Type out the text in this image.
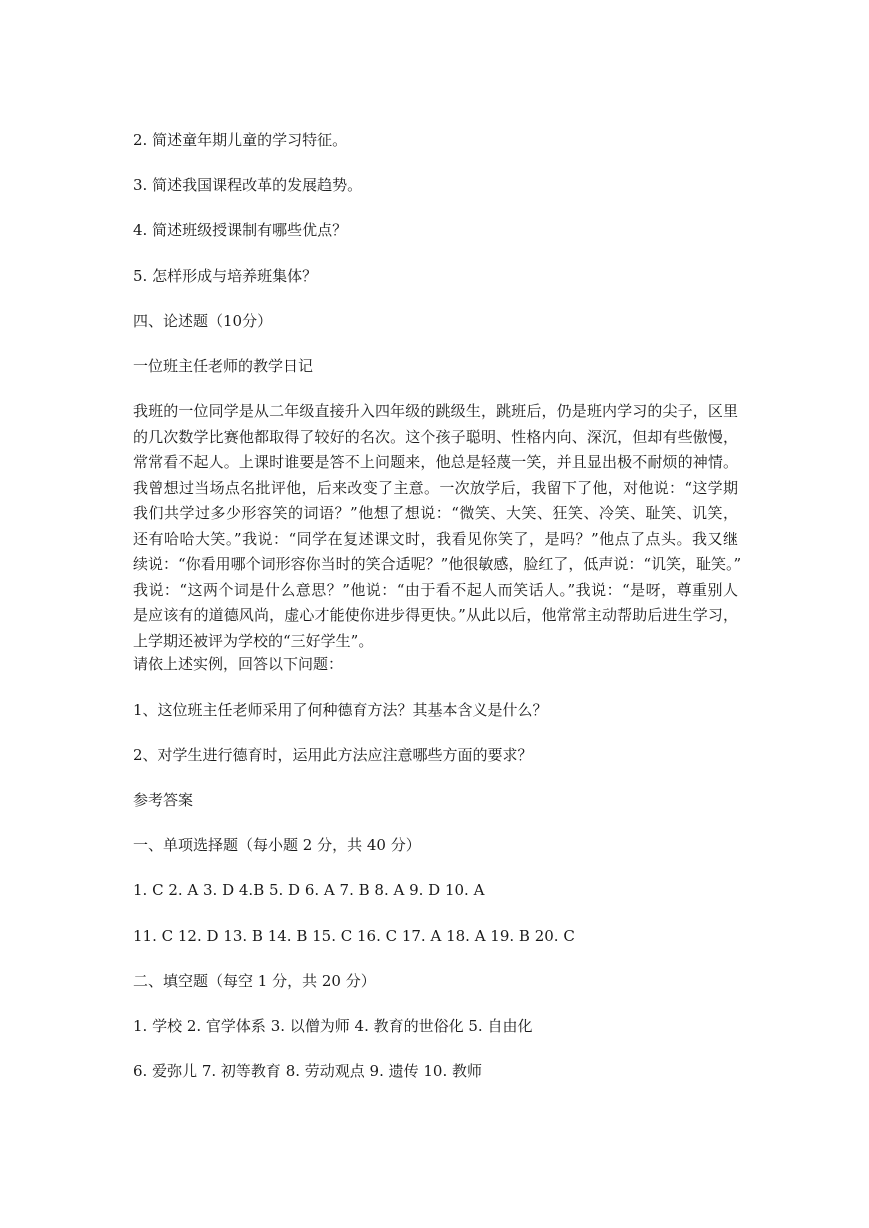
2. 简述童年期儿童的学习特征。
3. 简述我国课程改革的发展趋势。
4. 简述班级授课制有哪些优点？
5. 怎样形成与培养班集体？
四、论述题（10分）
一位班主任老师的教学日记
我班的一位同学是从二年级直接升入四年级的跳级生，跳班后，仍是班内学习的尖子，区里
的几次数学比赛他都取得了较好的名次。这个孩子聪明、性格内向、深沉，但却有些傲慢，
常常看不起人。上课时谁要是答不上问题来，他总是轻蔑一笑，并且显出极不耐烦的神情。
我曾想过当场点名批评他，后来改变了主意。一次放学后，我留下了他，对他说：“这学期
我们共学过多少形容笑的词语？”他想了想说：“微笑、大笑、狂笑、冷笑、耻笑、讥笑，
还有哈哈大笑。”我说：“同学在复述课文时，我看见你笑了，是吗？”他点了点头。我又继
续说：“你看用哪个词形容你当时的笑合适呢？”他很敏感，脸红了，低声说：“讥笑，耻笑。”
我说：“这两个词是什么意思？”他说：“由于看不起人而笑话人。”我说：“是呀，尊重别人
是应该有的道德风尚，虚心才能使你进步得更快。”从此以后，他常常主动帮助后进生学习，
上学期还被评为学校的“三好学生”。
请依上述实例，回答以下问题：
1、这位班主任老师采用了何种德育方法？其基本含义是什么？
2、对学生进行德育时，运用此方法应注意哪些方面的要求？
参考答案
一、单项选择题（每小题 2 分，共 40 分）
1. C 2. A 3. D 4.B 5. D 6. A 7. B 8. A 9. D 10. A
11. C 12. D 13. B 14. B 15. C 16. C 17. A 18. A 19. B 20. C
二、填空题（每空 1 分，共 20 分）
1. 学校 2. 官学体系 3. 以僧为师 4. 教育的世俗化 5. 自由化
6. 爱弥儿 7. 初等教育 8. 劳动观点 9. 遗传 10. 教师
